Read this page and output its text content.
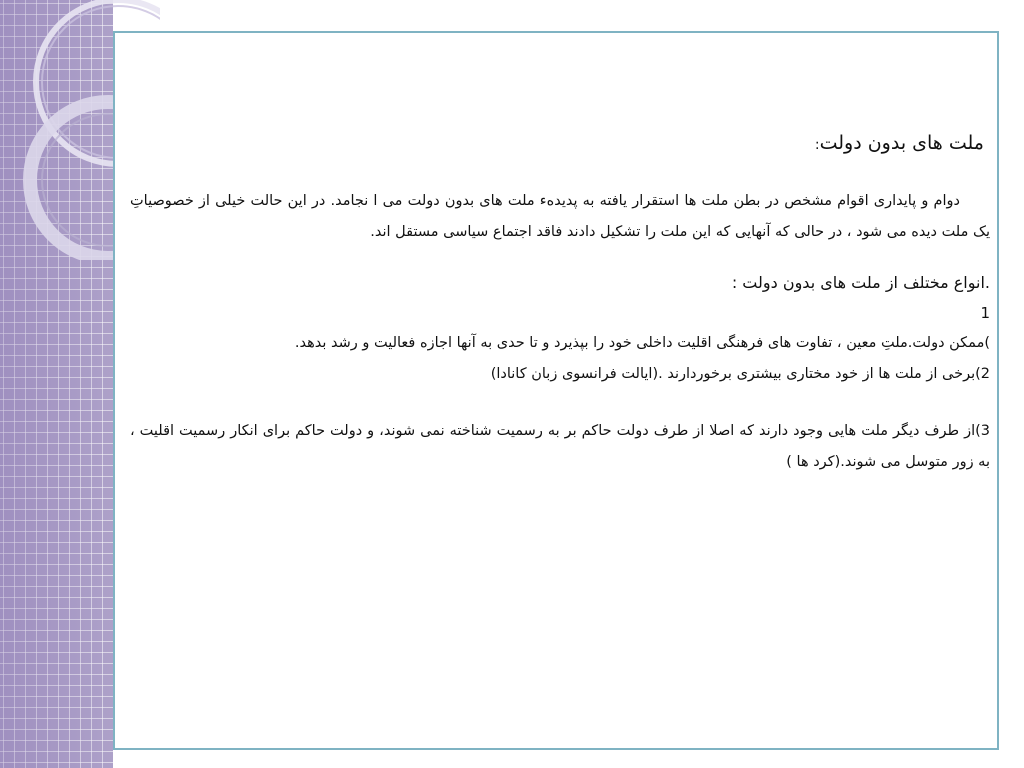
ملت های بدون دولت:
دوام و پایداری اقوام مشخص در بطن ملت ها استقرار یافته به پدیدهء ملت های بدون دولت می ا نجامد. در این حالت خیلی از خصوصیاتِ یک ملت دیده می شود ، در حالی که آنهایی که این ملت را تشکیل دادند فاقد اجتماع سیاسی مستقل اند.
.انواع مختلف از ملت های بدون دولت :
1
)ممکن دولت.ملتِ معین ، تفاوت های فرهنگی اقلیت داخلی خود را بپذیرد و تا حدی به آنها اجازه فعالیت و رشد بدهد.
2)برخی از ملت ها از خود مختاری بیشتری برخوردارند .(ایالت فرانسوی زبان کانادا)
3)از طرف دیگر ملت هایی وجود دارند که اصلا از طرف دولت حاکم بر به رسمیت شناخته نمی شوند، و دولت حاکم برای انکار رسمیت اقلیت ، به زور متوسل می شوند.(کرد ها )
